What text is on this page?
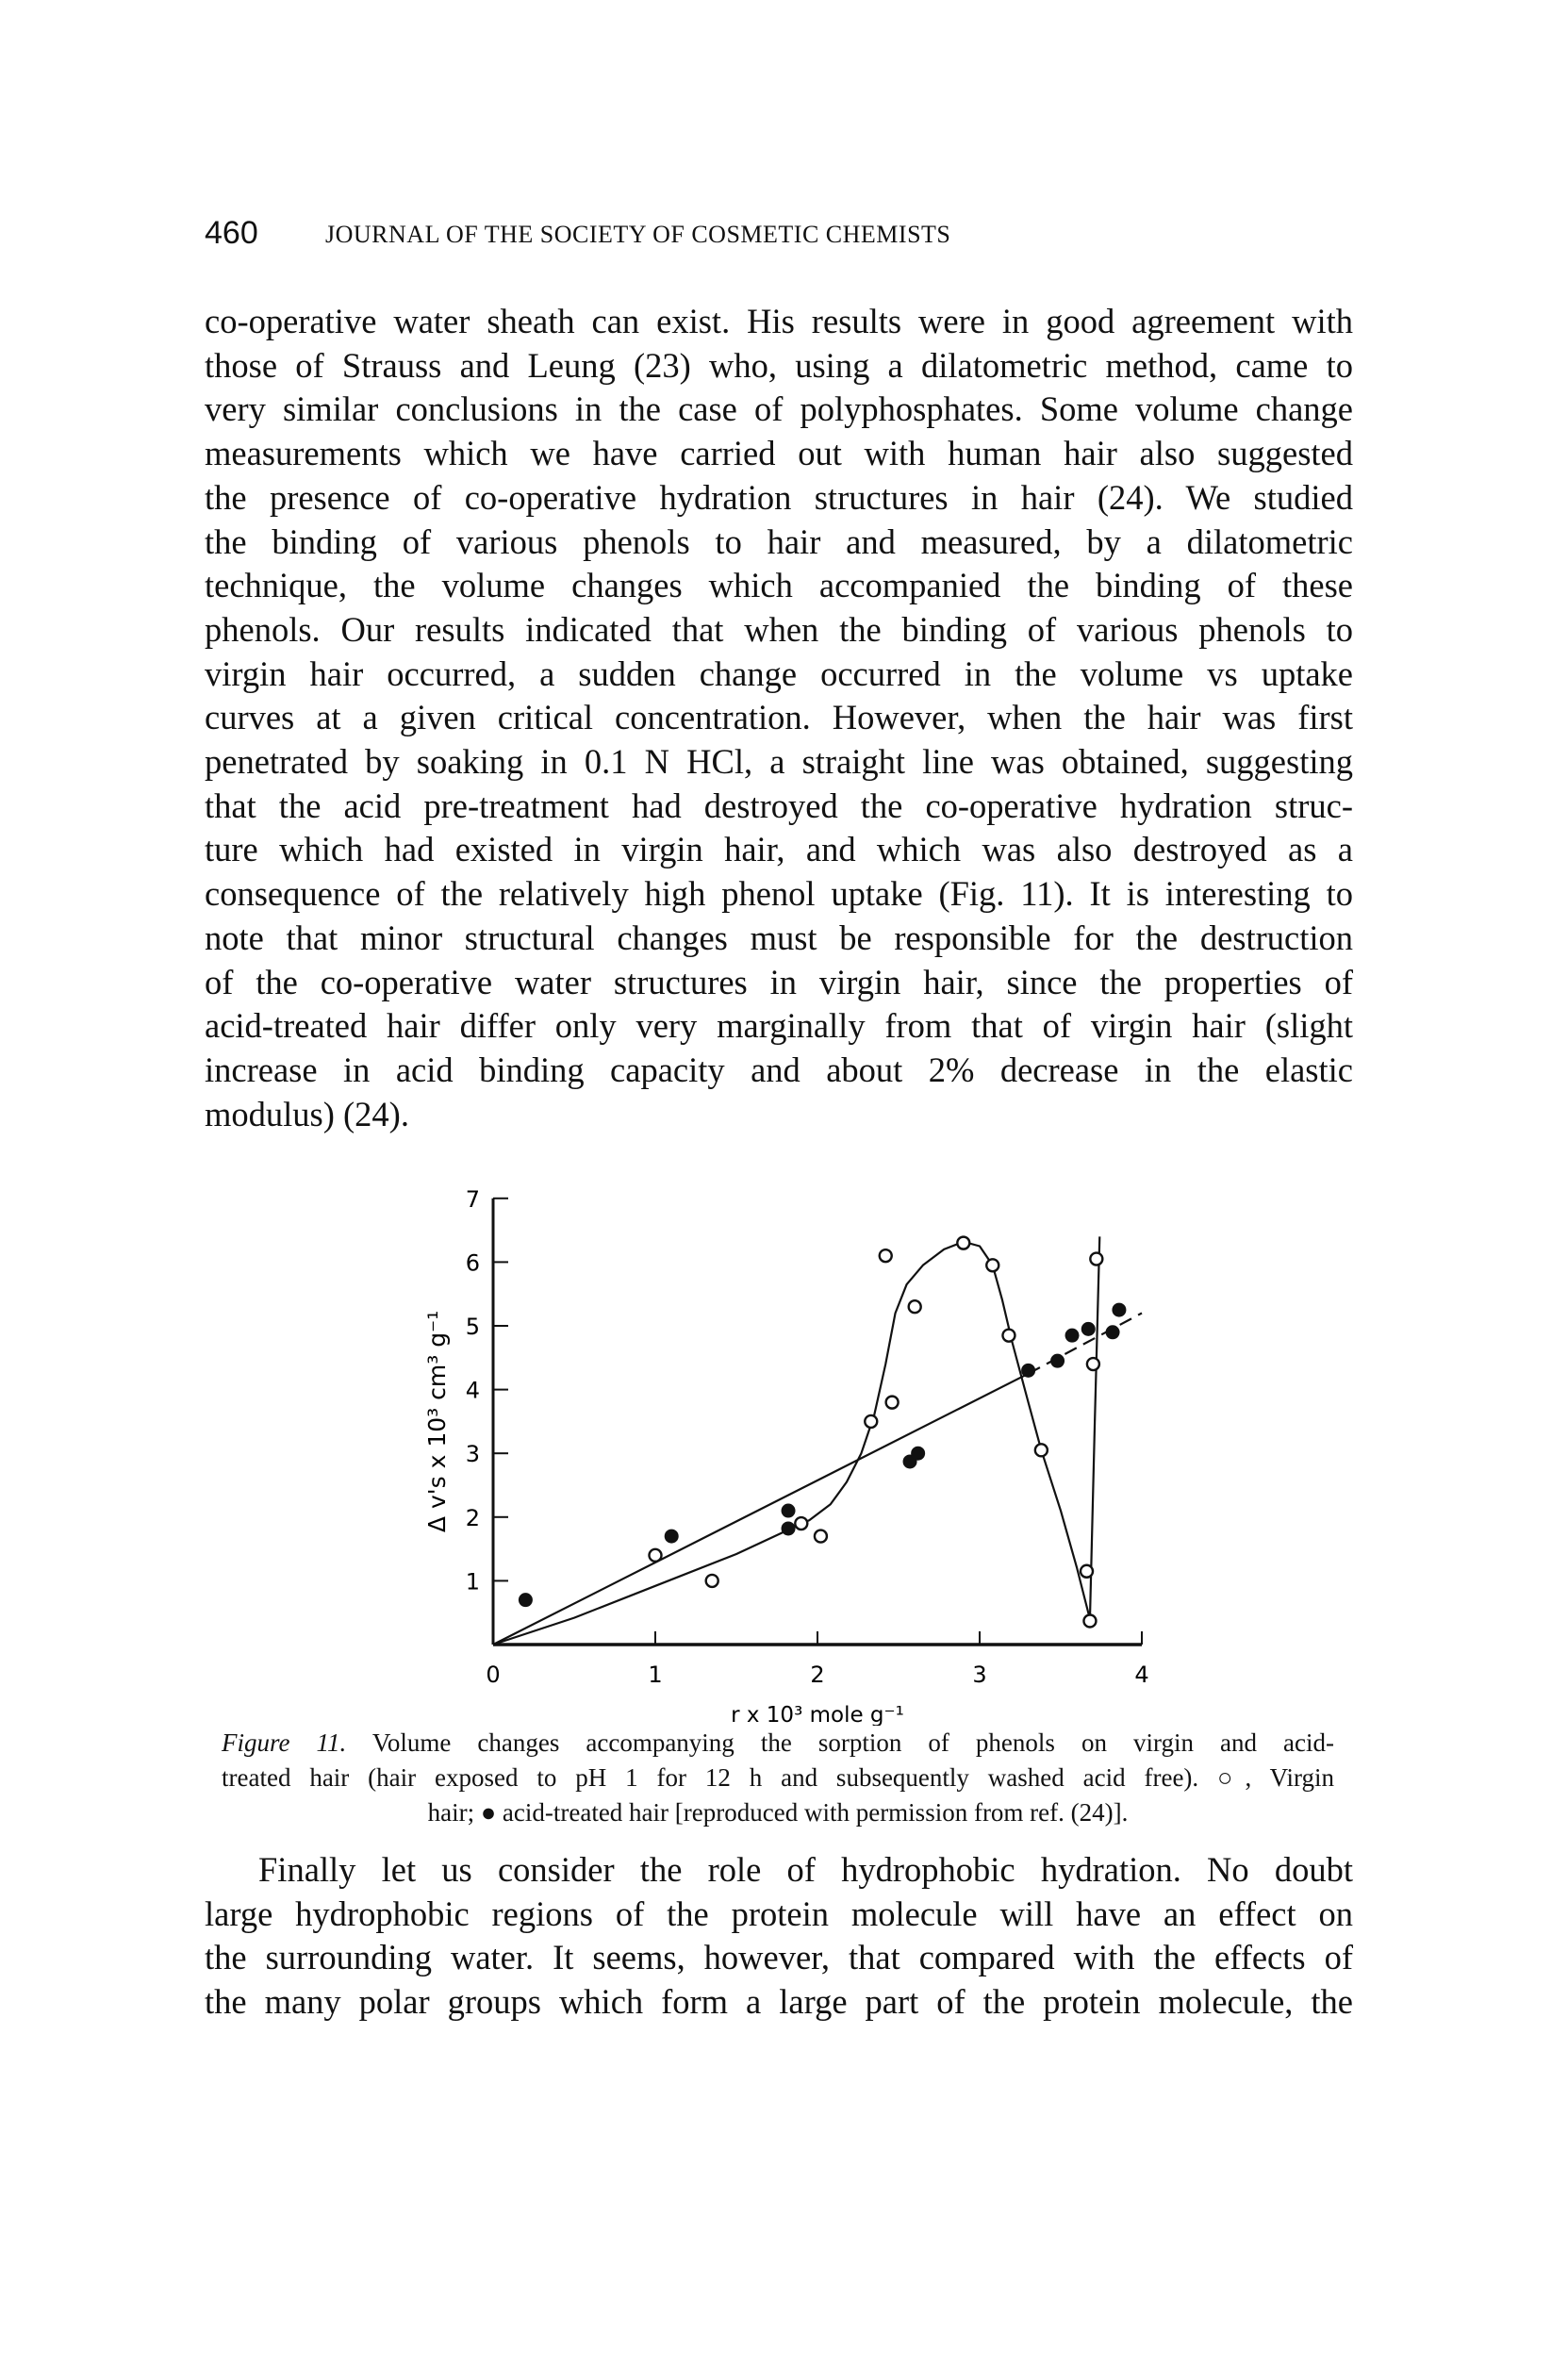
460	JOURNAL OF THE SOCIETY OF COSMETIC CHEMISTS
co-operative water sheath can exist. His results were in good agreement with
those of Strauss and Leung (23) who, using a dilatometric method, came to
very similar conclusions in the case of polyphosphates. Some volume change
measurements which we have carried out with human hair also suggested
the presence of co-operative hydration structures in hair (24). We studied
the binding of various phenols to hair and measured, by a dilatometric
technique, the volume changes which accompanied the binding of these
phenols. Our results indicated that when the binding of various phenols to
virgin hair occurred, a sudden change occurred in the volume vs uptake
curves at a given critical concentration. However, when the hair was first
penetrated by soaking in 0.1 N HCl, a straight line was obtained, suggesting
that the acid pre-treatment had destroyed the co-operative hydration struc-
ture which had existed in virgin hair, and which was also destroyed as a
consequence of the relatively high phenol uptake (Fig. 11). It is interesting to
note that minor structural changes must be responsible for the destruction
of the co-operative water structures in virgin hair, since the properties of
acid-treated hair differ only very marginally from that of virgin hair (slight
increase in acid binding capacity and about 2% decrease in the elastic
modulus) (24).
0	1	2	3	4
1
2
3
4
5
6
7
r x 10³ mole g⁻¹
Δ v's x 10³ cm³ g⁻¹
Figure 11. Volume changes accompanying the sorption of phenols on virgin and acid-
treated hair (hair exposed to pH 1 for 12 h and subsequently washed acid free). ○, Virgin
hair; ● acid-treated hair [reproduced with permission from ref. (24)].
Finally let us consider the role of hydrophobic hydration. No doubt
large hydrophobic regions of the protein molecule will have an effect on
the surrounding water. It seems, however, that compared with the effects of
the many polar groups which form a large part of the protein molecule, the
